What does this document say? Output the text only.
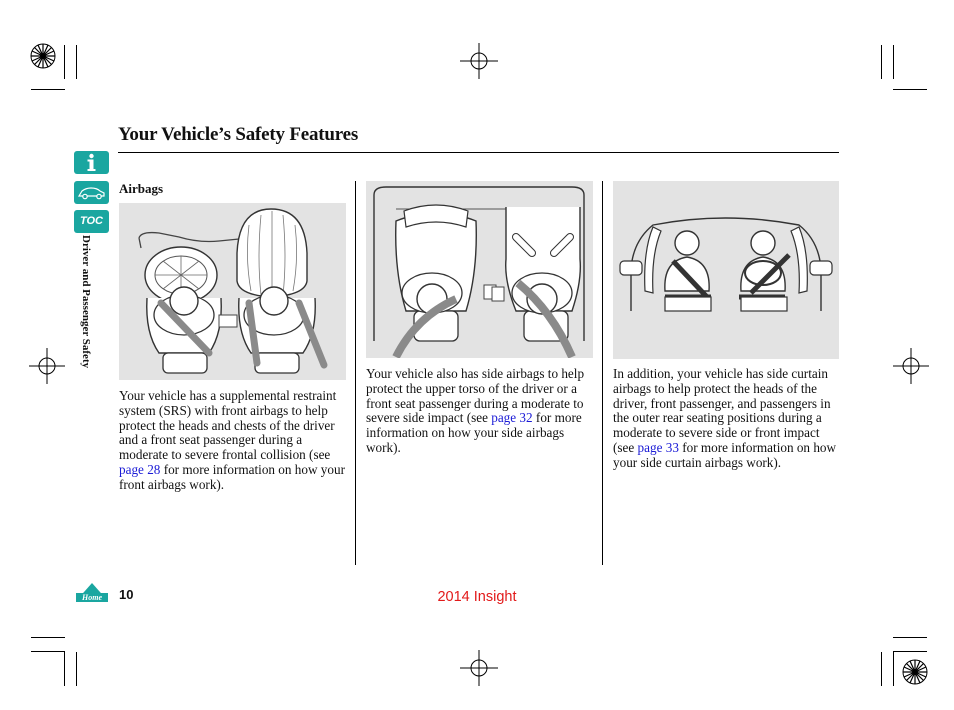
Your Vehicle’s Safety Features
TOC
Driver and Passenger Safety
Airbags
Your vehicle has a supplemental restraint system (SRS) with front airbags to help protect the heads and chests of the driver and a front seat passenger during a moderate to severe frontal collision (see page 28 for more information on how your front airbags work).
Your vehicle also has side airbags to help protect the upper torso of the driver or a front seat passenger during a moderate to severe side impact (see page 32 for more information on how your side airbags work).
In addition, your vehicle has side curtain airbags to help protect the heads of the driver, front passenger, and passengers in the outer rear seating positions during a moderate to severe side or front impact (see page 33 for more information on how your side curtain airbags work).
Home 10	2014 Insight
